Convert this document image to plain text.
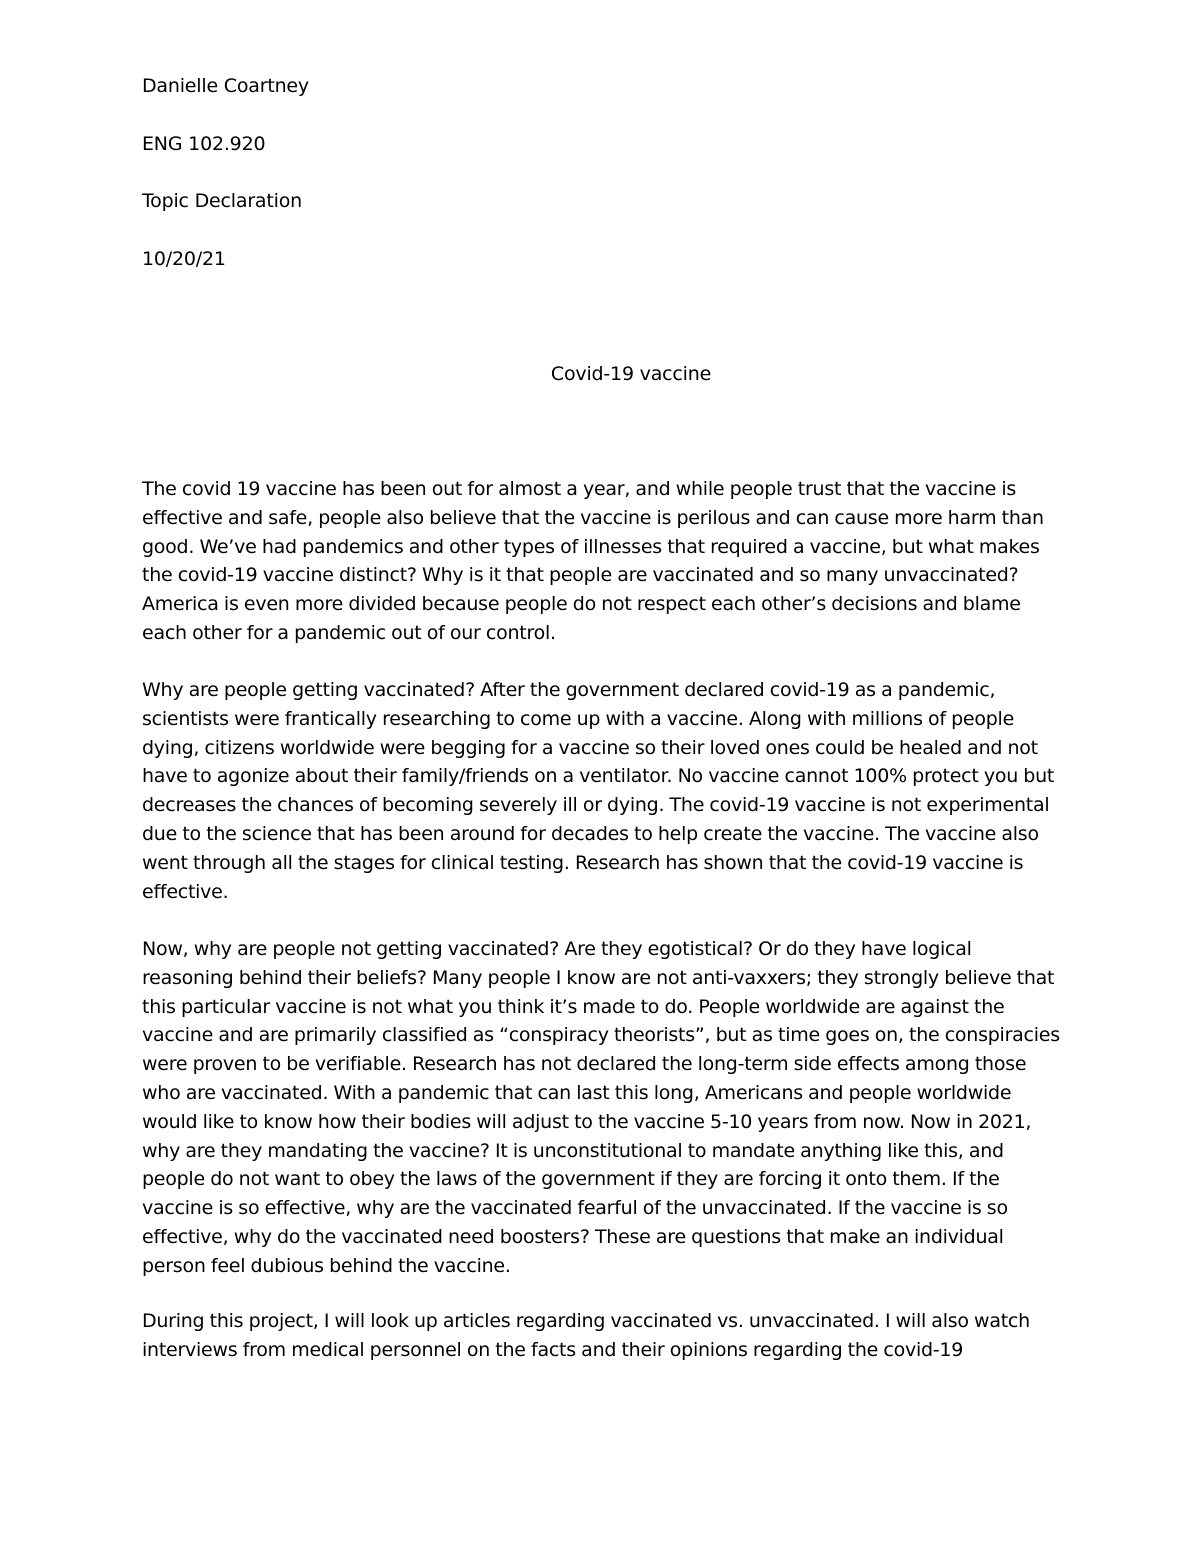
Danielle Coartney
ENG 102.920
Topic Declaration
10/20/21
Covid-19 vaccine

The covid 19 vaccine has been out for almost a year, and while people trust that the vaccine is effective and safe, people also believe that the vaccine is perilous and can cause more harm than good. We’ve had pandemics and other types of illnesses that required a vaccine, but what makes the covid-19 vaccine distinct? Why is it that people are vaccinated and so many unvaccinated? America is even more divided because people do not respect each other’s decisions and blame each other for a pandemic out of our control.

Why are people getting vaccinated? After the government declared covid-19 as a pandemic, scientists were frantically researching to come up with a vaccine. Along with millions of people dying, citizens worldwide were begging for a vaccine so their loved ones could be healed and not have to agonize about their family/friends on a ventilator. No vaccine cannot 100% protect you but decreases the chances of becoming severely ill or dying. The covid-19 vaccine is not experimental due to the science that has been around for decades to help create the vaccine. The vaccine also went through all the stages for clinical testing. Research has shown that the covid-19 vaccine is effective.

Now, why are people not getting vaccinated? Are they egotistical? Or do they have logical reasoning behind their beliefs? Many people I know are not anti-vaxxers; they strongly believe that this particular vaccine is not what you think it’s made to do. People worldwide are against the vaccine and are primarily classified as “conspiracy theorists”, but as time goes on, the conspiracies were proven to be verifiable. Research has not declared the long-term side effects among those who are vaccinated. With a pandemic that can last this long, Americans and people worldwide would like to know how their bodies will adjust to the vaccine 5-10 years from now. Now in 2021, why are they mandating the vaccine? It is unconstitutional to mandate anything like this, and people do not want to obey the laws of the government if they are forcing it onto them. If the vaccine is so effective, why are the vaccinated fearful of the unvaccinated. If the vaccine is so effective, why do the vaccinated need boosters? These are questions that make an individual person feel dubious behind the vaccine.

During this project, I will look up articles regarding vaccinated vs. unvaccinated. I will also watch interviews from medical personnel on the facts and their opinions regarding the covid-19
